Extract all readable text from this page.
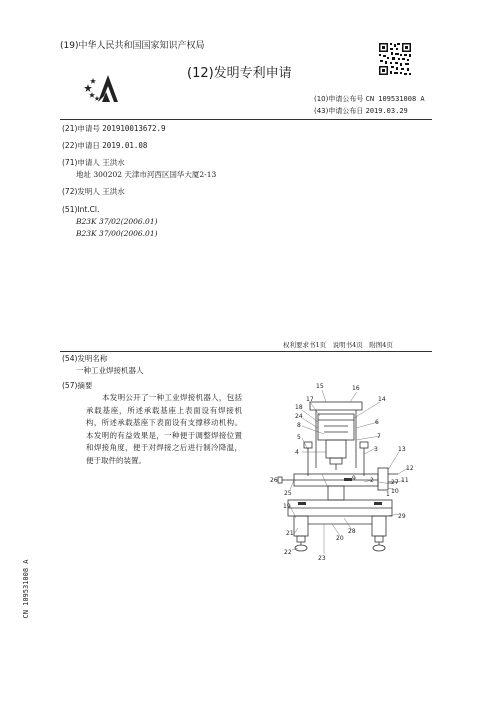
(19)中华人民共和国国家知识产权局
(12)发明专利申请
(10)申请公布号 CN 109531008 A
(43)申请公布日 2019.03.29
(21)申请号 201910013672.9
(22)申请日 2019.01.08
(71)申请人 王洪水
地址 300202 天津市河西区国华大厦2-13
(72)发明人 王洪水
(51)Int.Cl.
B23K 37/02(2006.01)
B23K 37/00(2006.01)
权利要求书1页　说明书4页　附图4页
(54)发明名称
一种工业焊接机器人
(57)摘要
本发明公开了一种工业焊接机器人，包括承载基座，所述承载基座上表面设有焊接机构，所述承载基座下表面设有支撑移动机构。本发明的有益效果是，一种便于调整焊接位置和焊接角度，便于对焊接之后进行制冷降温，便于取件的装置。
CN 109531008 A
15	16
17	14
18
24
8
5
4
6
7
3	13
12
11
10
27
2
9
1
26
25
19
29
28
20
21
22
23
